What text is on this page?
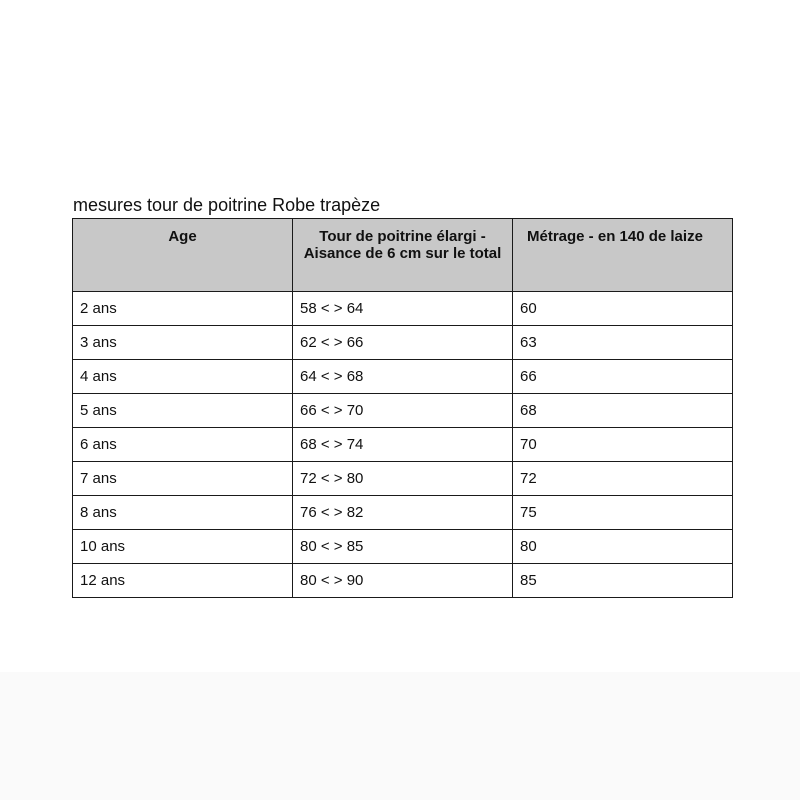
mesures tour de poitrine Robe trapèze
Age	Tour de poitrine élargi - Aisance de 6 cm sur le total	Métrage - en 140 de laize
2 ans	58 < > 64	60
3 ans	62 < > 66	63
4 ans	64 < > 68	66
5 ans	66 < > 70	68
6 ans	68 < > 74	70
7 ans	72 < > 80	72
8 ans	76 < > 82	75
10 ans	80 < > 85	80
12 ans	80 < > 90	85
